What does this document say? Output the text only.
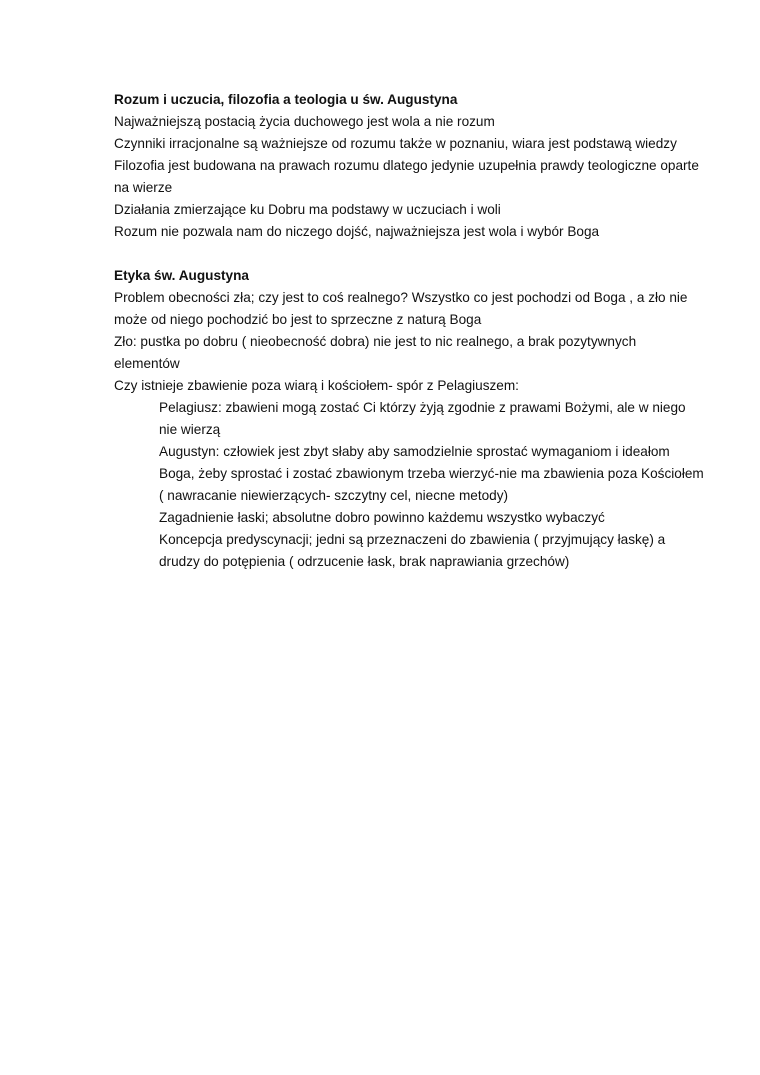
Rozum i uczucia, filozofia a teologia u św. Augustyna
Najważniejszą postacią życia duchowego jest wola a nie rozum
Czynniki irracjonalne są ważniejsze od rozumu także w poznaniu, wiara jest podstawą wiedzy
Filozofia jest budowana na prawach rozumu dlatego jedynie uzupełnia prawdy teologiczne oparte na wierze
Działania zmierzające ku Dobru ma podstawy w uczuciach i woli
Rozum nie pozwala nam do niczego dojść, najważniejsza jest wola i wybór Boga
Etyka św. Augustyna
Problem obecności zła; czy jest to coś realnego? Wszystko co jest pochodzi od Boga , a zło nie może od niego pochodzić bo jest to sprzeczne z naturą Boga
Zło: pustka po dobru ( nieobecność dobra) nie jest to nic realnego, a brak pozytywnych elementów
Czy istnieje zbawienie poza wiarą i kościołem- spór z Pelagiuszem:
Pelagiusz: zbawieni mogą zostać Ci którzy żyją zgodnie z prawami Bożymi, ale w niego nie wierzą
Augustyn: człowiek jest zbyt słaby aby samodzielnie sprostać wymaganiom i ideałom Boga, żeby sprostać i zostać zbawionym trzeba wierzyć-nie ma zbawienia poza Kościołem ( nawracanie niewierzących- szczytny cel, niecne metody)
Zagadnienie łaski; absolutne dobro powinno każdemu wszystko wybaczyć
Koncepcja predyscynacji; jedni są przeznaczeni do zbawienia ( przyjmujący łaskę) a drudzy do potępienia ( odrzucenie łask, brak naprawiania grzechów)
